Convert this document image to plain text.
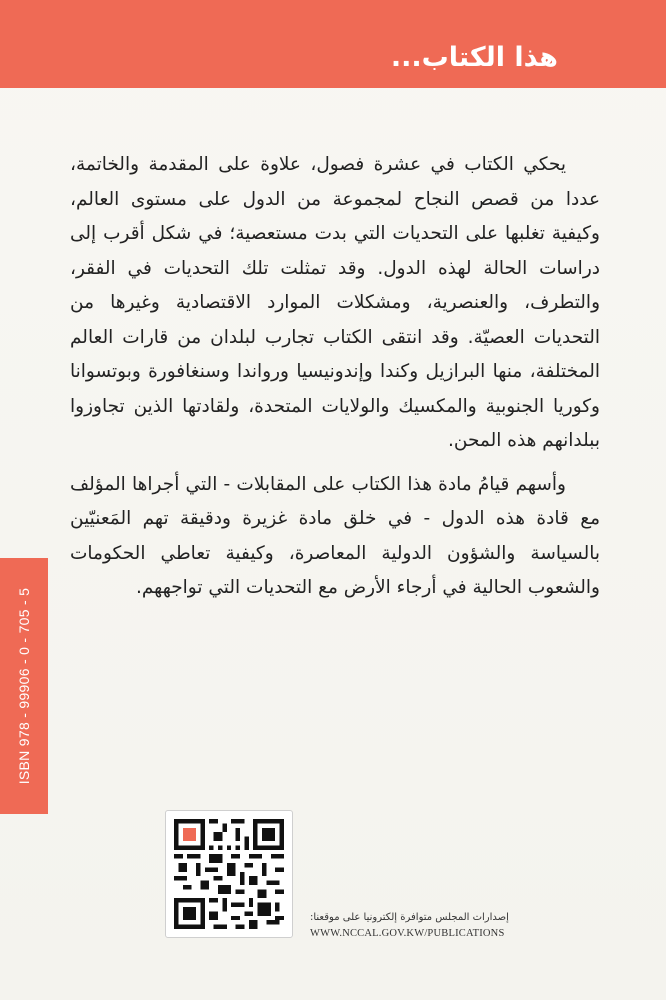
هذا الكتاب...

يحكي الكتاب في عشرة فصول، علاوة على المقدمة والخاتمة، عددا من قصص النجاح لمجموعة من الدول على مستوى العالم، وكيفية تغلبها على التحديات التي بدت مستعصية؛ في شكل أقرب إلى دراسات الحالة لهذه الدول. وقد تمثلت تلك التحديات في الفقر، والتطرف، والعنصرية، ومشكلات الموارد الاقتصادية وغيرها من التحديات العصيّة. وقد انتقى الكتاب تجارب لبلدان من قارات العالم المختلفة، منها البرازيل وكندا وإندونيسيا ورواندا وسنغافورة وبوتسوانا وكوريا الجنوبية والمكسيك والولايات المتحدة، ولقادتها الذين تجاوزوا ببلدانهم هذه المحن.

وأسهم قيامُ مادة هذا الكتاب على المقابلات - التي أجراها المؤلف مع قادة هذه الدول - في خلق مادة غزيرة ودقيقة تهم المَعنيّين بالسياسة والشؤون الدولية المعاصرة، وكيفية تعاطي الحكومات والشعوب الحالية في أرجاء الأرض مع التحديات التي تواجههم.

ISBN 978 - 99906 - 0 - 705 - 5
إصدارات المجلس متوافرة إلكترونيا على موقعنا:
WWW.NCCAL.GOV.KW/PUBLICATIONS
